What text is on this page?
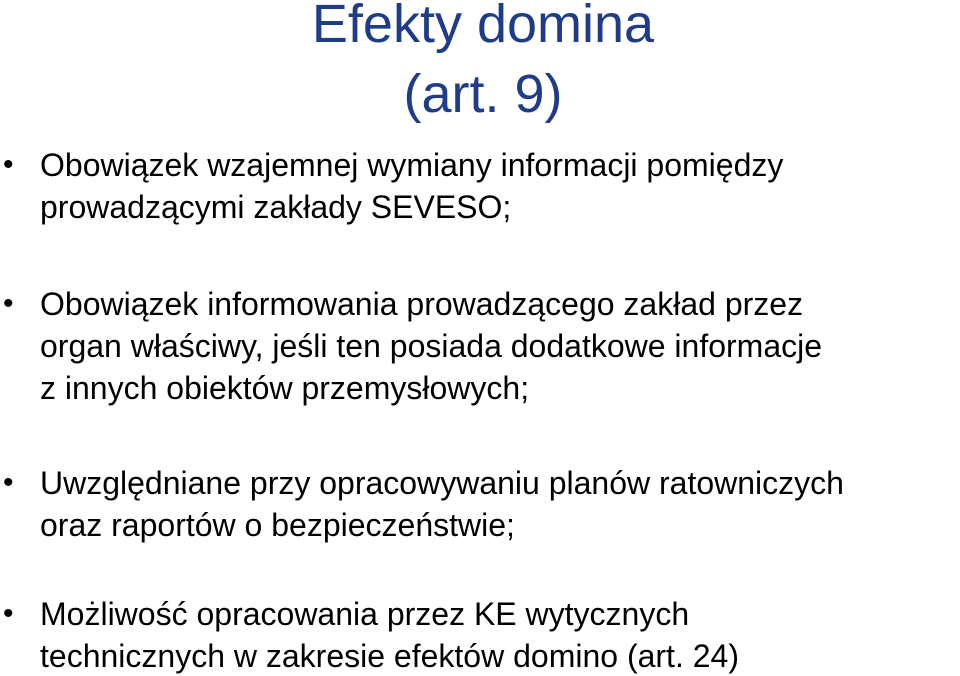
Efekty domina
(art. 9)
• Obowiązek wzajemnej wymiany informacji pomiędzy
prowadzącymi zakłady SEVESO;
• Obowiązek informowania prowadzącego zakład przez
organ właściwy, jeśli ten posiada dodatkowe informacje
z innych obiektów przemysłowych;
• Uwzględniane przy opracowywaniu planów ratowniczych
oraz raportów o bezpieczeństwie;
• Możliwość opracowania przez KE wytycznych
technicznych w zakresie efektów domino (art. 24)
